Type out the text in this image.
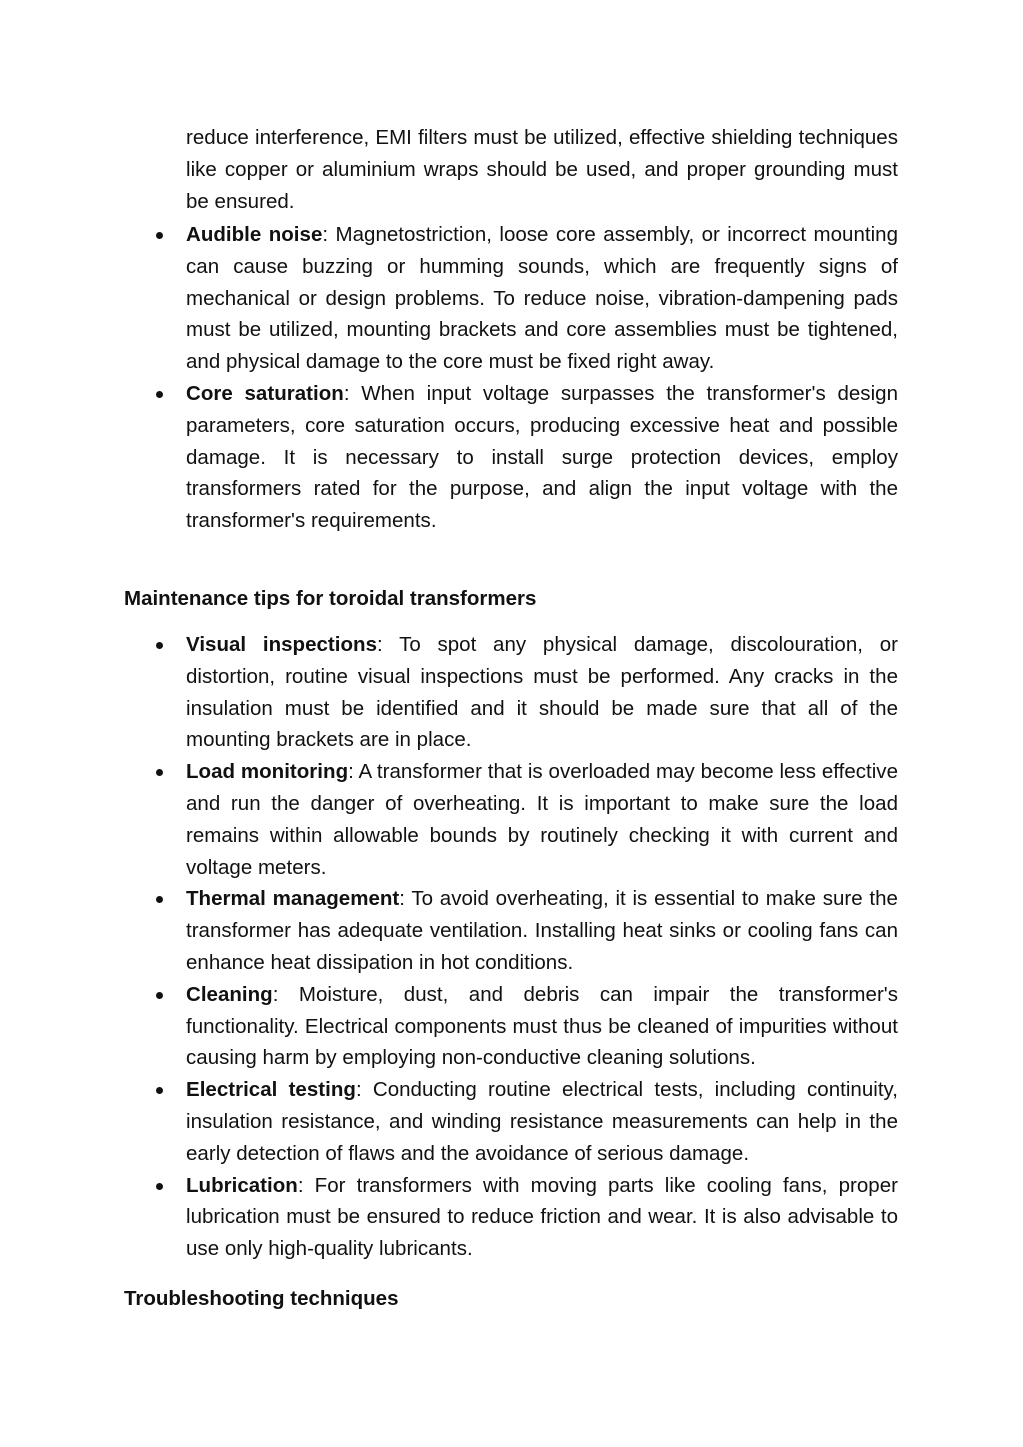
reduce interference, EMI filters must be utilized, effective shielding techniques like copper or aluminium wraps should be used, and proper grounding must be ensured.

Audible noise: Magnetostriction, loose core assembly, or incorrect mounting can cause buzzing or humming sounds, which are frequently signs of mechanical or design problems. To reduce noise, vibration-dampening pads must be utilized, mounting brackets and core assemblies must be tightened, and physical damage to the core must be fixed right away.

Core saturation: When input voltage surpasses the transformer's design parameters, core saturation occurs, producing excessive heat and possible damage. It is necessary to install surge protection devices, employ transformers rated for the purpose, and align the input voltage with the transformer's requirements.

Maintenance tips for toroidal transformers

Visual inspections: To spot any physical damage, discolouration, or distortion, routine visual inspections must be performed. Any cracks in the insulation must be identified and it should be made sure that all of the mounting brackets are in place.

Load monitoring: A transformer that is overloaded may become less effective and run the danger of overheating. It is important to make sure the load remains within allowable bounds by routinely checking it with current and voltage meters.

Thermal management: To avoid overheating, it is essential to make sure the transformer has adequate ventilation. Installing heat sinks or cooling fans can enhance heat dissipation in hot conditions.

Cleaning: Moisture, dust, and debris can impair the transformer's functionality. Electrical components must thus be cleaned of impurities without causing harm by employing non-conductive cleaning solutions.

Electrical testing: Conducting routine electrical tests, including continuity, insulation resistance, and winding resistance measurements can help in the early detection of flaws and the avoidance of serious damage.

Lubrication: For transformers with moving parts like cooling fans, proper lubrication must be ensured to reduce friction and wear. It is also advisable to use only high-quality lubricants.

Troubleshooting techniques
